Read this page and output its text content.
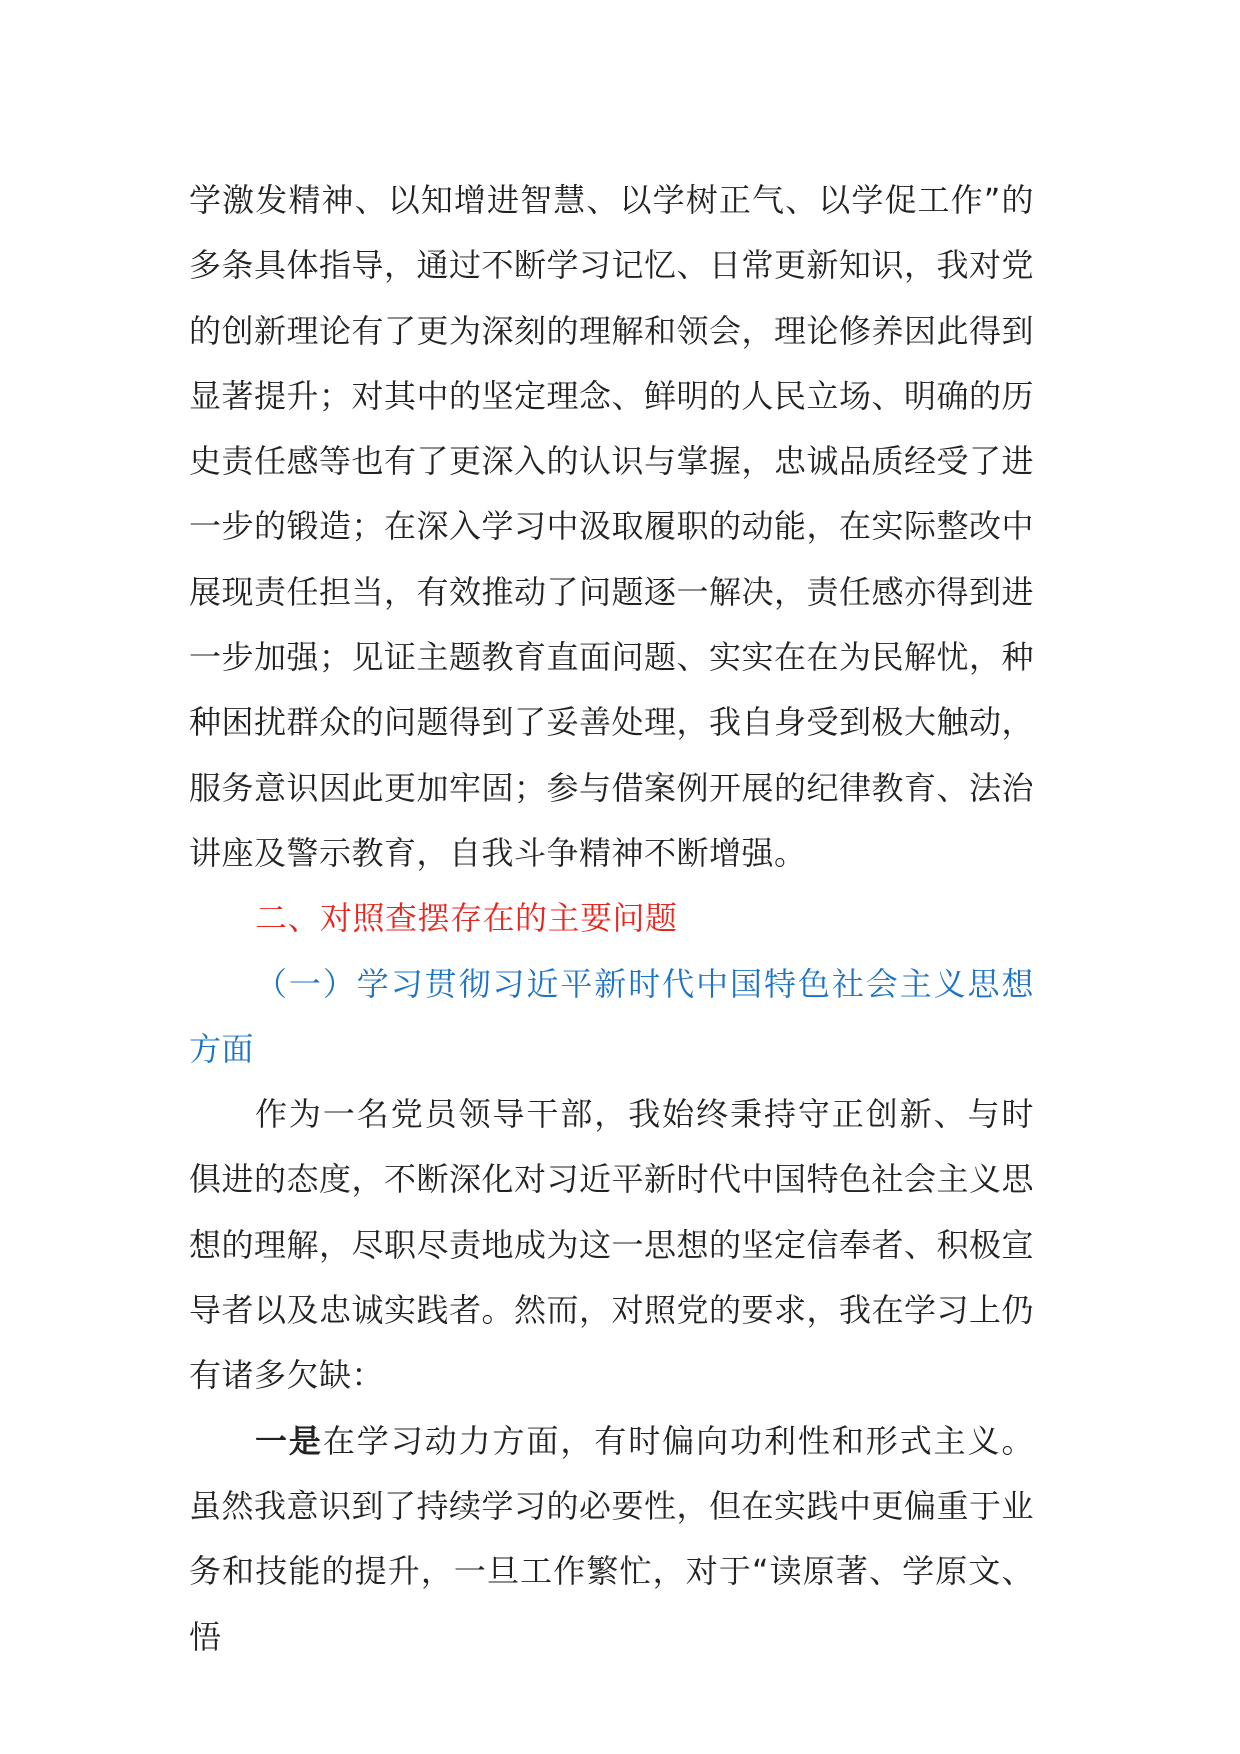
学激发精神、以知增进智慧、以学树正气、以学促工作”的多条具体指导，通过不断学习记忆、日常更新知识，我对党的创新理论有了更为深刻的理解和领会，理论修养因此得到显著提升；对其中的坚定理念、鲜明的人民立场、明确的历史责任感等也有了更深入的认识与掌握，忠诚品质经受了进一步的锻造；在深入学习中汲取履职的动能，在实际整改中展现责任担当，有效推动了问题逐一解决，责任感亦得到进一步加强；见证主题教育直面问题、实实在在为民解忧，种种困扰群众的问题得到了妥善处理，我自身受到极大触动，服务意识因此更加牢固；参与借案例开展的纪律教育、法治讲座及警示教育，自我斗争精神不断增强。

二、对照查摆存在的主要问题

（一）学习贯彻习近平新时代中国特色社会主义思想方面

作为一名党员领导干部，我始终秉持守正创新、与时俱进的态度，不断深化对习近平新时代中国特色社会主义思想的理解，尽职尽责地成为这一思想的坚定信奉者、积极宣导者以及忠诚实践者。然而，对照党的要求，我在学习上仍有诸多欠缺：

一是在学习动力方面，有时偏向功利性和形式主义。虽然我意识到了持续学习的必要性，但在实践中更偏重于业务和技能的提升，一旦工作繁忙，对于“读原著、学原文、悟
